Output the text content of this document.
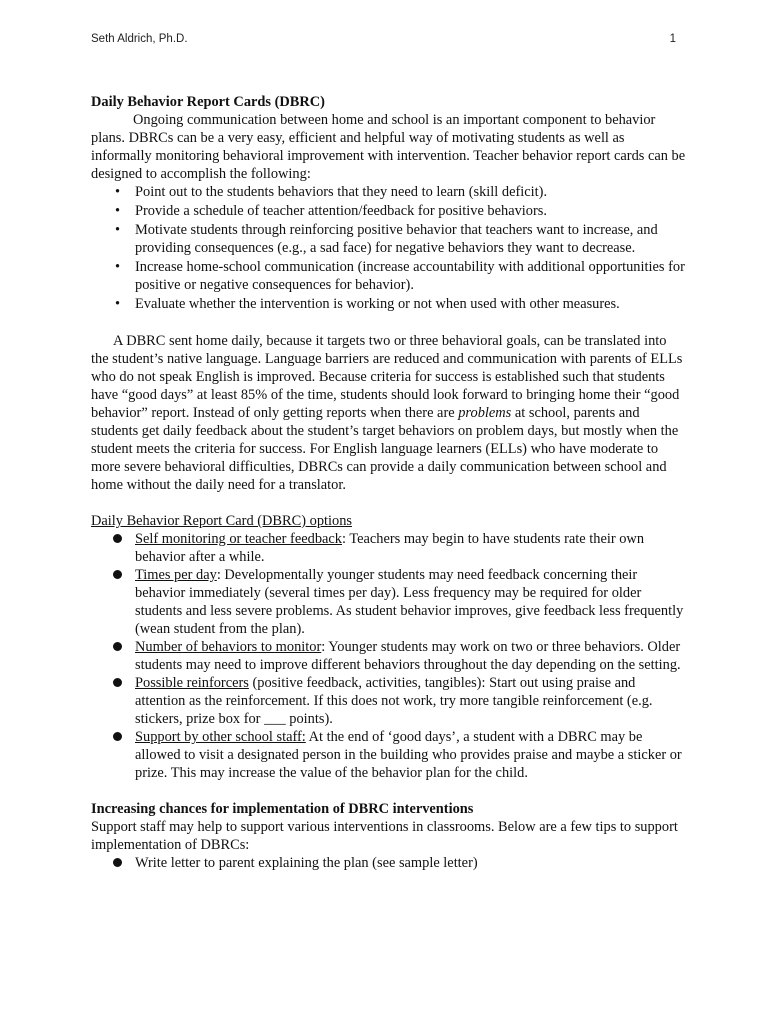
Seth Aldrich, Ph.D.	1

Daily Behavior Report Cards (DBRC)

Ongoing communication between home and school is an important component to behavior plans. DBRCs can be a very easy, efficient and helpful way of motivating students as well as informally monitoring behavioral improvement with intervention. Teacher behavior report cards can be designed to accomplish the following:

• Point out to the students behaviors that they need to learn (skill deficit).
• Provide a schedule of teacher attention/feedback for positive behaviors.
• Motivate students through reinforcing positive behavior that teachers want to increase, and providing consequences (e.g., a sad face) for negative behaviors they want to decrease.
• Increase home-school communication (increase accountability with additional opportunities for positive or negative consequences for behavior).
• Evaluate whether the intervention is working or not when used with other measures.

A DBRC sent home daily, because it targets two or three behavioral goals, can be translated into the student’s native language. Language barriers are reduced and communication with parents of ELLs who do not speak English is improved. Because criteria for success is established such that students have “good days” at least 85% of the time, students should look forward to bringing home their “good behavior” report. Instead of only getting reports when there are problems at school, parents and students get daily feedback about the student’s target behaviors on problem days, but mostly when the student meets the criteria for success. For English language learners (ELLs) who have moderate to more severe behavioral difficulties, DBRCs can provide a daily communication between school and home without the daily need for a translator.

Daily Behavior Report Card (DBRC) options

Self monitoring or teacher feedback: Teachers may begin to have students rate their own behavior after a while.
Times per day: Developmentally younger students may need feedback concerning their behavior immediately (several times per day). Less frequency may be required for older students and less severe problems. As student behavior improves, give feedback less frequently (wean student from the plan).
Number of behaviors to monitor: Younger students may work on two or three behaviors. Older students may need to improve different behaviors throughout the day depending on the setting.
Possible reinforcers (positive feedback, activities, tangibles): Start out using praise and attention as the reinforcement. If this does not work, try more tangible reinforcement (e.g. stickers, prize box for ___ points).
Support by other school staff: At the end of ‘good days’, a student with a DBRC may be allowed to visit a designated person in the building who provides praise and maybe a sticker or prize. This may increase the value of the behavior plan for the child.

Increasing chances for implementation of DBRC interventions

Support staff may help to support various interventions in classrooms. Below are a few tips to support implementation of DBRCs:

Write letter to parent explaining the plan (see sample letter)
